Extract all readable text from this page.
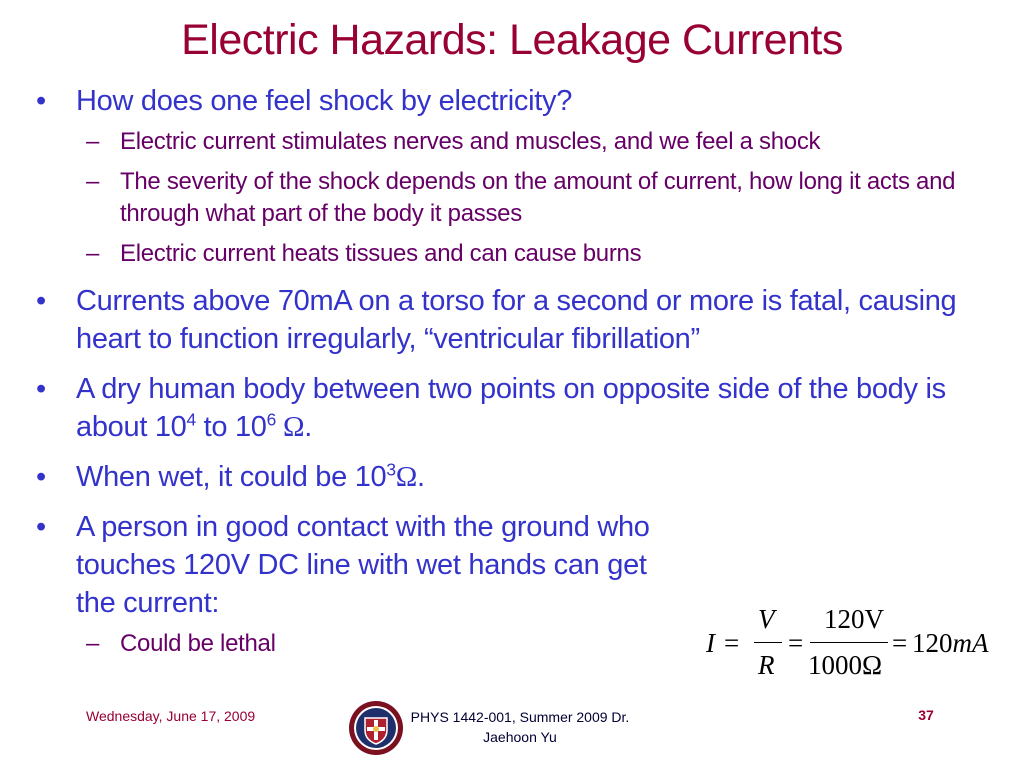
Electric Hazards: Leakage Currents
• How does one feel shock by electricity?
– Electric current stimulates nerves and muscles, and we feel a shock
– The severity of the shock depends on the amount of current, how long it acts and through what part of the body it passes
– Electric current heats tissues and can cause burns
• Currents above 70mA on a torso for a second or more is fatal, causing heart to function irregularly, “ventricular fibrillation”
• A dry human body between two points on opposite side of the body is about $10^4$ to $10^6$ Ω.
• When wet, it could be $10^3\Omega$.
• A person in good contact with the ground who touches 120V DC line with wet hands can get the current:
– Could be lethal	I =
V
R
=
120V
1000Ω
= 120mA
Wednesday, June 17, 2009	PHYS 1442-001, Summer 2009 Dr. Jaehoon Yu
37
